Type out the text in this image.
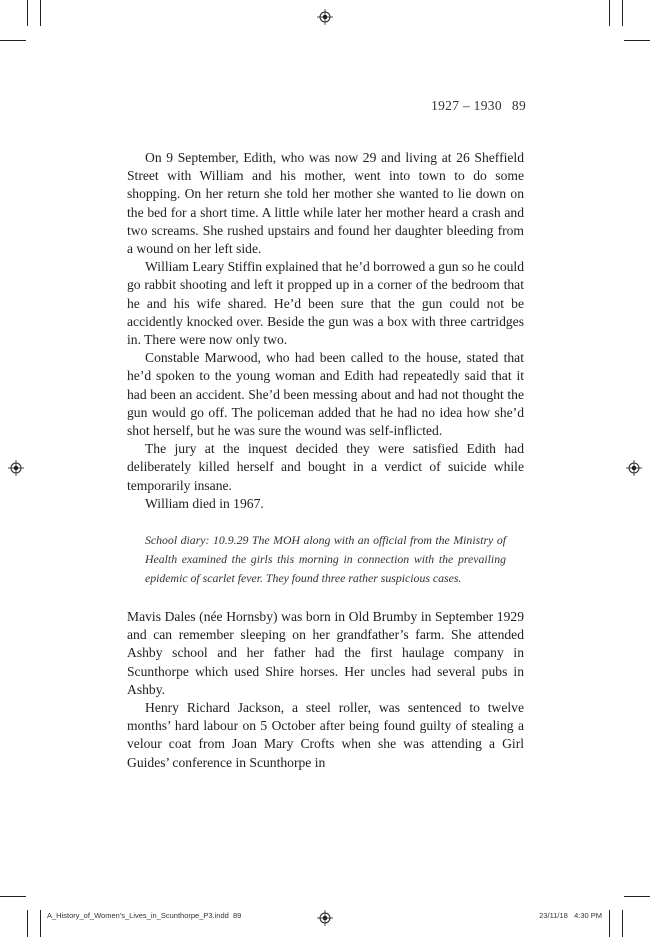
1927 – 1930 89

On 9 September, Edith, who was now 29 and living at 26 Sheffield Street with William and his mother, went into town to do some shopping. On her return she told her mother she wanted to lie down on the bed for a short time. A little while later her mother heard a crash and two screams. She rushed upstairs and found her daughter bleeding from a wound on her left side.

William Leary Stiffin explained that he’d borrowed a gun so he could go rabbit shooting and left it propped up in a corner of the bedroom that he and his wife shared. He’d been sure that the gun could not be accidently knocked over. Beside the gun was a box with three cartridges in. There were now only two.

Constable Marwood, who had been called to the house, stated that he’d spoken to the young woman and Edith had repeatedly said that it had been an accident. She’d been messing about and had not thought the gun would go off. The policeman added that he had no idea how she’d shot herself, but he was sure the wound was self-inflicted.

The jury at the inquest decided they were satisfied Edith had deliberately killed herself and bought in a verdict of suicide while temporarily insane.

William died in 1967.

School diary: 10.9.29 The MOH along with an official from the Ministry of Health examined the girls this morning in connection with the prevailing epidemic of scarlet fever. They found three rather suspicious cases.

Mavis Dales (née Hornsby) was born in Old Brumby in September 1929 and can remember sleeping on her grandfather’s farm. She attended Ashby school and her father had the first haulage company in Scunthorpe which used Shire horses. Her uncles had several pubs in Ashby.

Henry Richard Jackson, a steel roller, was sentenced to twelve months’ hard labour on 5 October after being found guilty of stealing a velour coat from Joan Mary Crofts when she was attending a Girl Guides’ conference in Scunthorpe in

A_History_of_Women's_Lives_in_Scunthorpe_P3.indd 89	23/11/18 4:30 PM
